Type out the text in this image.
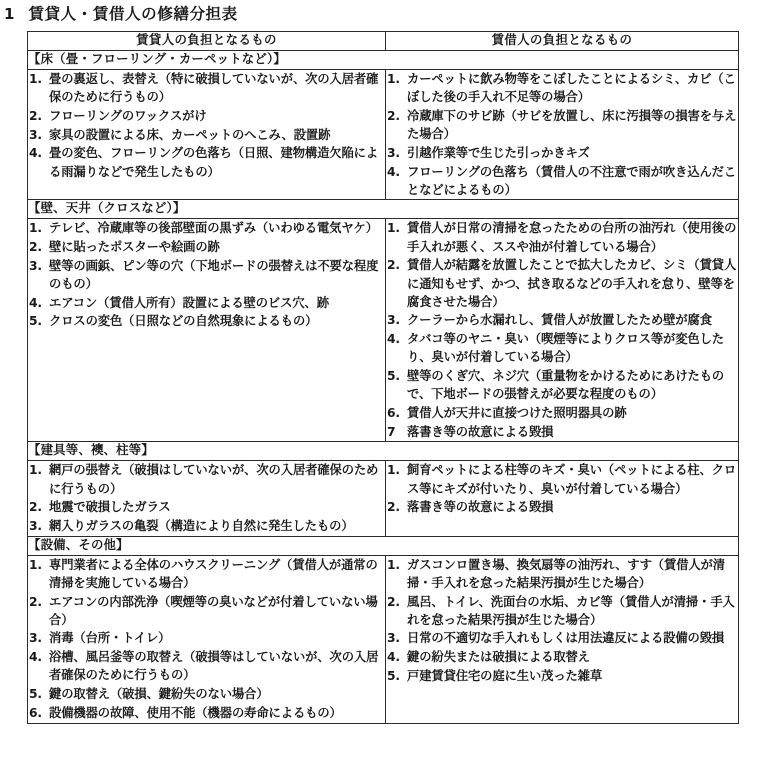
1 賃貸人・賃借人の修繕分担表
賃貸人の負担となるもの	賃借人の負担となるもの
【床（畳・フローリング・カーペットなど）】	

1. 畳の裏返し、表替え（特に破損していないが、次の入居者確保のために行うもの）
2. フローリングのワックスがけ
3. 家具の設置による床、カーペットのへこみ、設置跡
4. 畳の変色、フローリングの色落ち（日照、建物構造欠陥による雨漏りなどで発生したもの）

1. カーペットに飲み物等をこぼしたことによるシミ、カビ（こぼした後の手入れ不足等の場合）
2. 冷蔵庫下のサビ跡（サビを放置し、床に汚損等の損害を与えた場合）
3. 引越作業等で生じた引っかきキズ
4. フローリングの色落ち（賃借人の不注意で雨が吹き込んだことなどによるもの）

【壁、天井（クロスなど）】	

1. テレビ、冷蔵庫等の後部壁面の黒ずみ（いわゆる電気ヤケ）
2. 壁に貼ったポスターや絵画の跡
3. 壁等の画鋲、ピン等の穴（下地ボードの張替えは不要な程度のもの）
4. エアコン（賃借人所有）設置による壁のビス穴、跡
5. クロスの変色（日照などの自然現象によるもの）

1. 賃借人が日常の清掃を怠ったための台所の油汚れ（使用後の手入れが悪く、ススや油が付着している場合）
2. 賃借人が結露を放置したことで拡大したカビ、シミ（賃貸人に通知もせず、かつ、拭き取るなどの手入れを怠り、壁等を腐食させた場合）
3. クーラーから水漏れし、賃借人が放置したため壁が腐食
4. タバコ等のヤニ・臭い（喫煙等によりクロス等が変色したり、臭いが付着している場合）
5. 壁等のくぎ穴、ネジ穴（重量物をかけるためにあけたもので、下地ボードの張替えが必要な程度のもの）
6. 賃借人が天井に直接つけた照明器具の跡
7 落書き等の故意による毀損

【建具等、襖、柱等】	

1. 網戸の張替え（破損はしていないが、次の入居者確保のために行うもの）
2. 地震で破損したガラス
3. 網入りガラスの亀裂（構造により自然に発生したもの）

1. 飼育ペットによる柱等のキズ・臭い（ペットによる柱、クロス等にキズが付いたり、臭いが付着している場合）
2. 落書き等の故意による毀損

【設備、その他】	

1. 専門業者による全体のハウスクリーニング（賃借人が通常の清掃を実施している場合）
2. エアコンの内部洗浄（喫煙等の臭いなどが付着していない場合）
3. 消毒（台所・トイレ）
4. 浴槽、風呂釜等の取替え（破損等はしていないが、次の入居者確保のために行うもの）
5. 鍵の取替え（破損、鍵紛失のない場合）
6. 設備機器の故障、使用不能（機器の寿命によるもの）

1. ガスコンロ置き場、換気扇等の油汚れ、すす（賃借人が清掃・手入れを怠った結果汚損が生じた場合）
2. 風呂、トイレ、洗面台の水垢、カビ等（賃借人が清掃・手入れを怠った結果汚損が生じた場合）
3. 日常の不適切な手入れもしくは用法違反による設備の毀損
4. 鍵の紛失または破損による取替え
5. 戸建賃貸住宅の庭に生い茂った雑草
